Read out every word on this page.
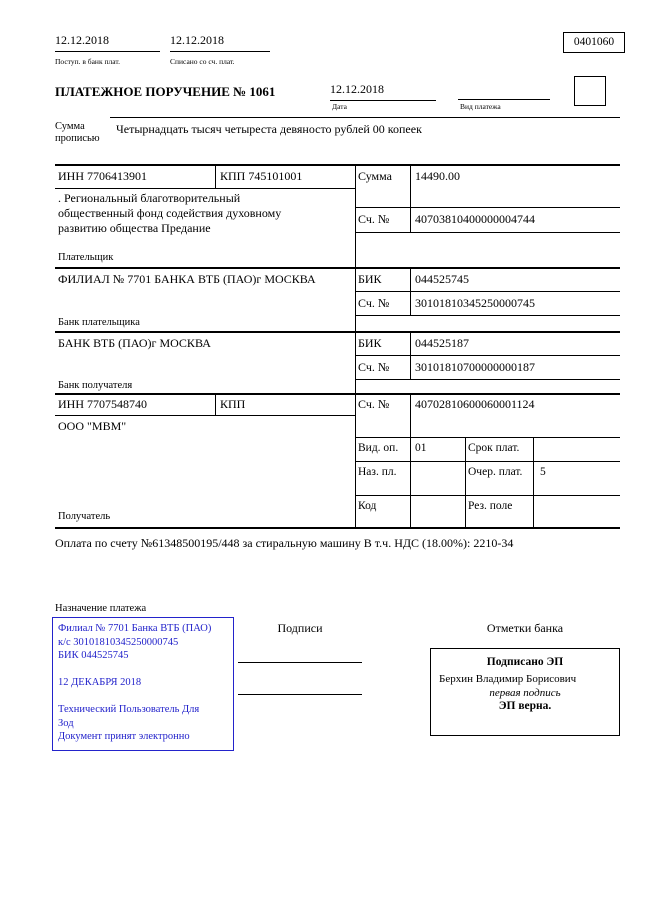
12.12.2018
Поступ. в банк плат.
12.12.2018
Списано со сч. плат.
0401060
ПЛАТЕЖНОЕ ПОРУЧЕНИЕ № 1061	12.12.2018
Дата	Вид платежа
Сумма прописью
Четырнадцать тысяч четыреста девяносто рублей 00 копеек
ИНН 7706413901	КПП 745101001	Сумма 14490.00
. Региональный благотворительный общественный фонд содействия духовному развитию общества Предание
Сч. № 40703810400000004744
Плательщик
ФИЛИАЛ № 7701 БАНКА ВТБ (ПАО)г МОСКВА	БИК	044525745
Сч. № 30101810345250000745
Банк плательщика
БАНК ВТБ (ПАО)г МОСКВА	БИК	044525187
Сч. № 30101810700000000187
Банк получателя
ИНН 7707548740	КПП	Сч. № 40702810600060001124
ООО "МВМ"
Получатель
Вид. оп. 01	Срок плат.
Наз. пл.	Очер. плат. 5
Код	Рез. поле
Оплата по счету №61348500195/448 за стиральную машину В т.ч. НДС (18.00%): 2210-34
Назначение платежа
Филиал № 7701 Банка ВТБ (ПАО)
к/с 30101810345250000745
БИК 044525745
12 ДЕКАБРЯ 2018
Технический Пользователь Для
Зод
Документ принят электронно
Подписи	Отметки банка
Подписано ЭП
Берхин Владимир Борисович
первая подпись
ЭП верна.
